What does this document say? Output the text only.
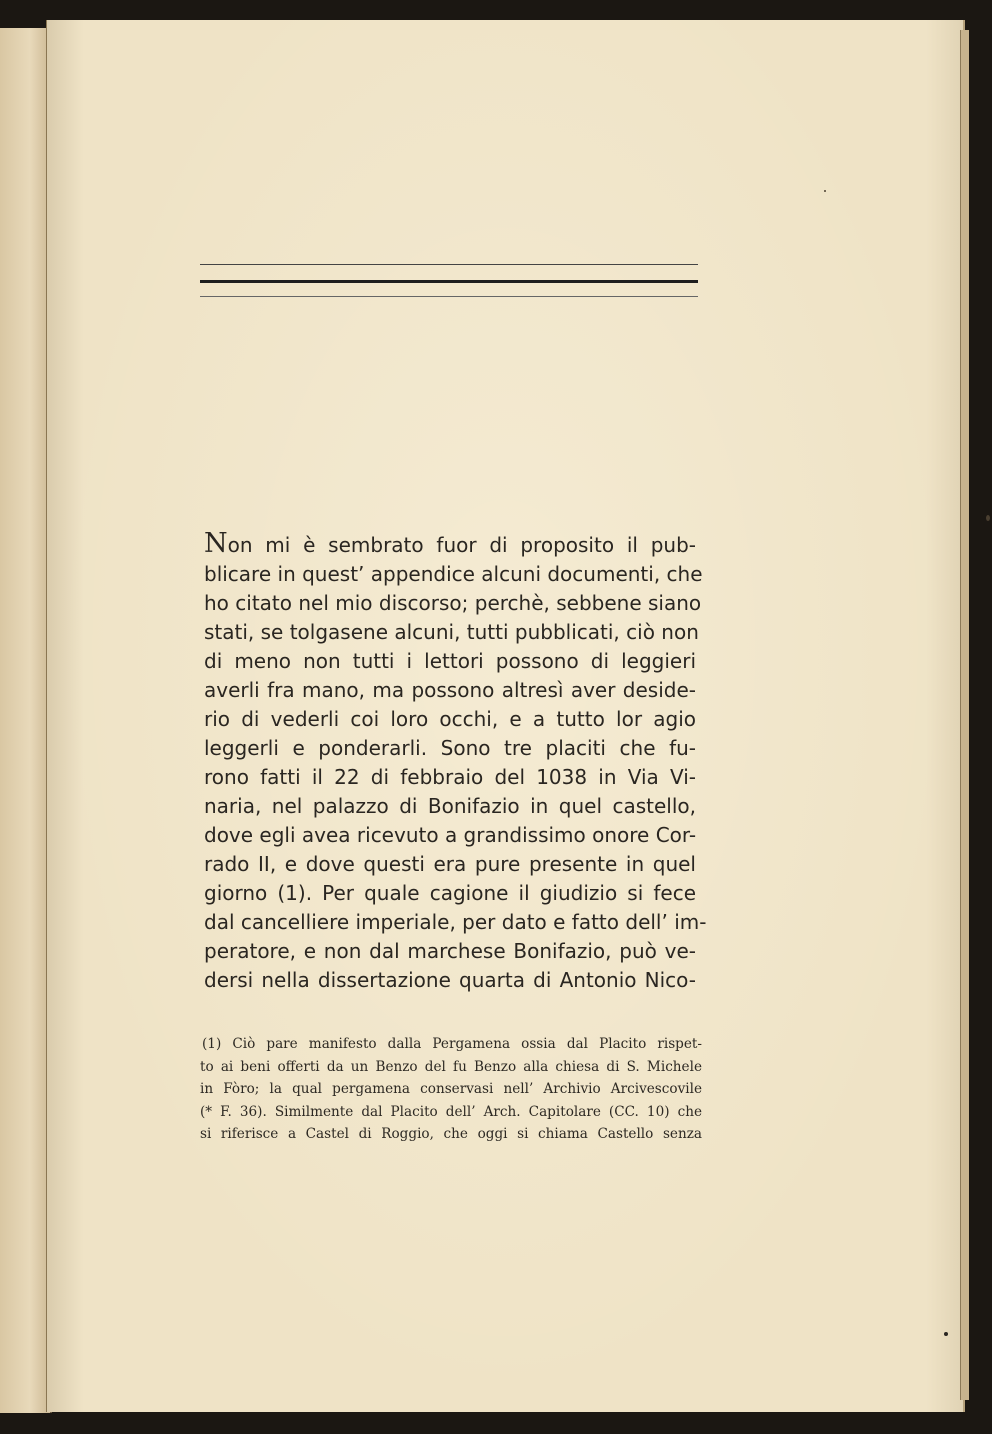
Non mi è sembrato fuor di proposito il pub-
blicare in quest’ appendice alcuni documenti, che
ho citato nel mio discorso; perchè, sebbene siano
stati, se tolgasene alcuni, tutti pubblicati, ciò non
di meno non tutti i lettori possono di leggieri
averli fra mano, ma possono altresì aver deside-
rio di vederli coi loro occhi, e a tutto lor agio
leggerli e ponderarli. Sono tre placiti che fu-
rono fatti il 22 di febbraio del 1038 in Via Vi-
naria, nel palazzo di Bonifazio in quel castello,
dove egli avea ricevuto a grandissimo onore Cor-
rado II, e dove questi era pure presente in quel
giorno (1). Per quale cagione il giudizio si fece
dal cancelliere imperiale, per dato e fatto dell’ im-
peratore, e non dal marchese Bonifazio, può ve-
dersi nella dissertazione quarta di Antonio Nico-
(1) Ciò pare manifesto dalla Pergamena ossia dal Placito rispet-
to ai beni offerti da un Benzo del fu Benzo alla chiesa di S. Michele
in Fòro; la qual pergamena conservasi nell’ Archivio Arcivescovile
(* F. 36). Similmente dal Placito dell’ Arch. Capitolare (CC. 10) che
si riferisce a Castel di Roggio, che oggi si chiama Castello senza
